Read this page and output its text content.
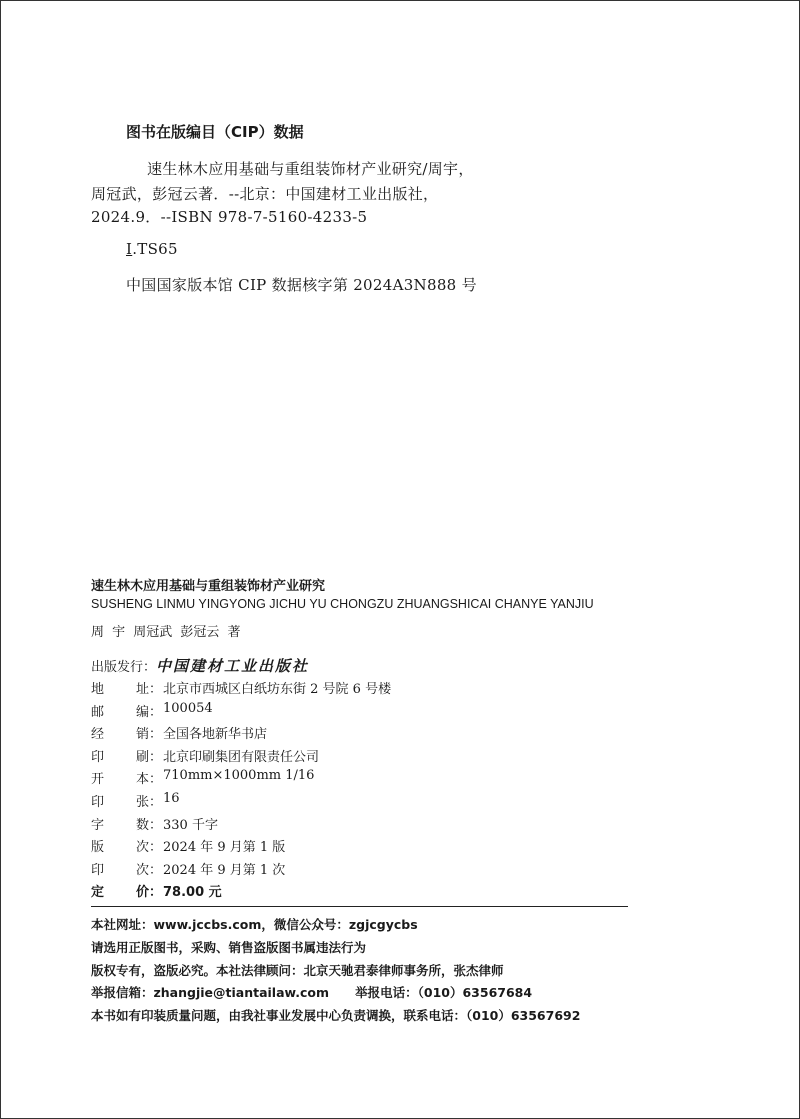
图书在版编目（CIP）数据
速生林木应用基础与重组装饰材产业研究/周宇，
周冠武，彭冠云著．--北京：中国建材工业出版社，
2024.9．--ISBN 978-7-5160-4233-5
Ⅰ.TS65
中国国家版本馆 CIP 数据核字第 2024A3N888 号
速生林木应用基础与重组装饰材产业研究
SUSHENG LINMU YINGYONG JICHU YU CHONGZU ZHUANGSHICAI CHANYE YANJIU
周 宇 周冠武 彭冠云 著
出版发行： 中国建材工业出版社
地 址 ： 北京市西城区白纸坊东街 2 号院 6 号楼
邮 编 ： 100054
经 销 ： 全国各地新华书店
印 刷 ： 北京印刷集团有限责任公司
开 本 ： 710mm×1000mm 1/16
印 张 ： 16
字 数 ： 330 千字
版 次 ： 2024 年 9 月第 1 版
印 次 ： 2024 年 9 月第 1 次
定 价 ： 78.00 元
本社网址：www.jccbs.com，微信公众号：zgjcgycbs
请选用正版图书，采购、销售盗版图书属违法行为
版权专有，盗版必究。本社法律顾问：北京天驰君泰律师事务所，张杰律师
举报信箱：zhangjie@tiantailaw.com      举报电话：（010）63567684
本书如有印装质量问题，由我社事业发展中心负责调换，联系电话：（010）63567692
